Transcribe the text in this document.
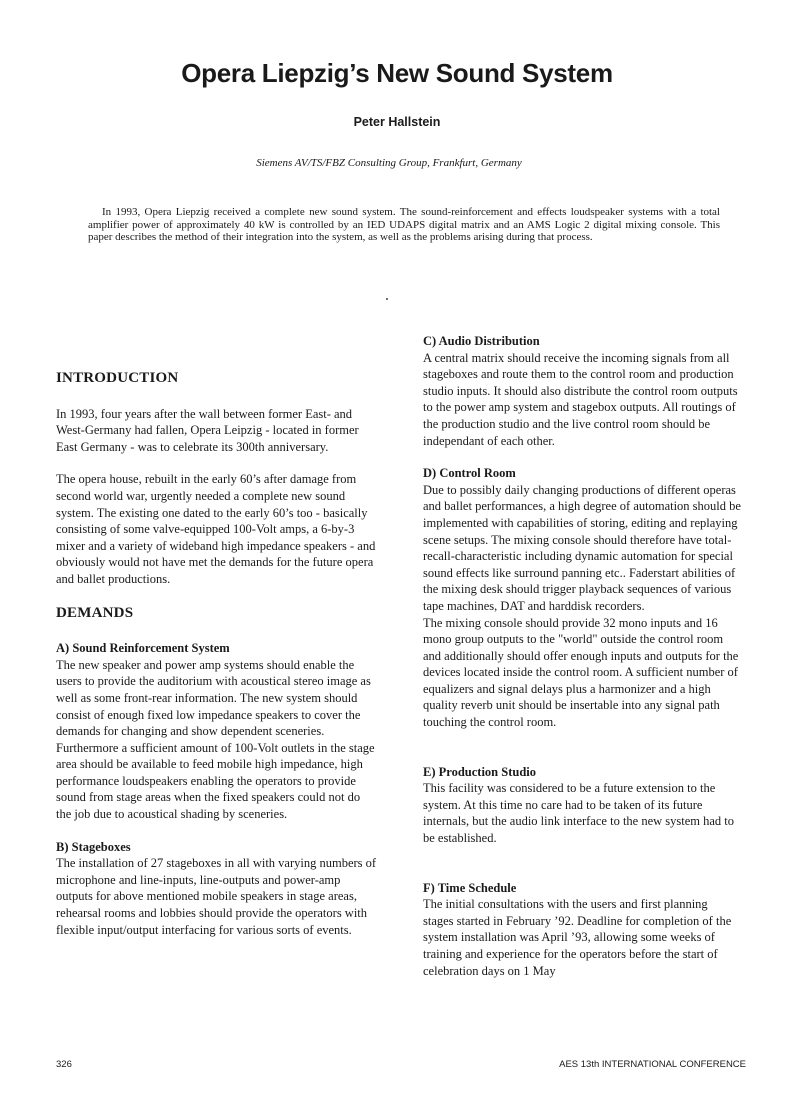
Opera Liepzig’s New Sound System
Peter Hallstein
Siemens AV/TS/FBZ Consulting Group, Frankfurt, Germany

In 1993, Opera Liepzig received a complete new sound system. The sound-reinforcement and effects loudspeaker systems with a total amplifier power of approximately 40 kW is controlled by an IED UDAPS digital matrix and an AMS Logic 2 digital mixing console. This paper describes the method of their integration into the system, as well as the problems arising during that process.

INTRODUCTION

In 1993, four years after the wall between former East- and West-Germany had fallen, Opera Leipzig - located in former East Germany - was to celebrate its 300th anniversary.

The opera house, rebuilt in the early 60’s after damage from second world war, urgently needed a complete new sound system. The existing one dated to the early 60’s too - basically consisting of some valve-equipped 100-Volt amps, a 6-by-3 mixer and a variety of wideband high impedance speakers - and obviously would not have met the demands for the future opera and ballet productions.

DEMANDS

A) Sound Reinforcement System

The new speaker and power amp systems should enable the users to provide the auditorium with acoustical stereo image as well as some front-rear information. The new system should consist of enough fixed low impedance speakers to cover the demands for changing and show dependent sceneries. Furthermore a sufficient amount of 100-Volt outlets in the stage area should be available to feed mobile high impedance, high performance loudspeakers enabling the operators to provide sound from stage areas when the fixed speakers could not do the job due to acoustical shading by sceneries.

B) Stageboxes

The installation of 27 stageboxes in all with varying numbers of microphone and line-inputs, line-outputs and power-amp outputs for above mentioned mobile speakers in stage areas, rehearsal rooms and lobbies should provide the operators with flexible input/output interfacing for various sorts of events.

C) Audio Distribution

A central matrix should receive the incoming signals from all stageboxes and route them to the control room and production studio inputs. It should also distribute the control room outputs to the power amp system and stagebox outputs. All routings of the production studio and the live control room should be independant of each other.

D) Control Room

Due to possibly daily changing productions of different operas and ballet performances, a high degree of automation should be implemented with capabilities of storing, editing and replaying scene setups. The mixing console should therefore have total-recall-characteristic including dynamic automation for special sound effects like surround panning etc.. Faderstart abilities of the mixing desk should trigger playback sequences of various tape machines, DAT and harddisk recorders.

The mixing console should provide 32 mono inputs and 16 mono group outputs to the "world" outside the control room and additionally should offer enough inputs and outputs for the devices located inside the control room. A sufficient number of equalizers and signal delays plus a harmonizer and a high quality reverb unit should be insertable into any signal path touching the control room.

E) Production Studio

This facility was considered to be a future extension to the system. At this time no care had to be taken of its future internals, but the audio link interface to the new system had to be established.

F) Time Schedule

The initial consultations with the users and first planning stages started in February ’92. Deadline for completion of the system installation was April ’93, allowing some weeks of training and experience for the operators before the start of celebration days on 1 May

326	AES 13th INTERNATIONAL CONFERENCE
